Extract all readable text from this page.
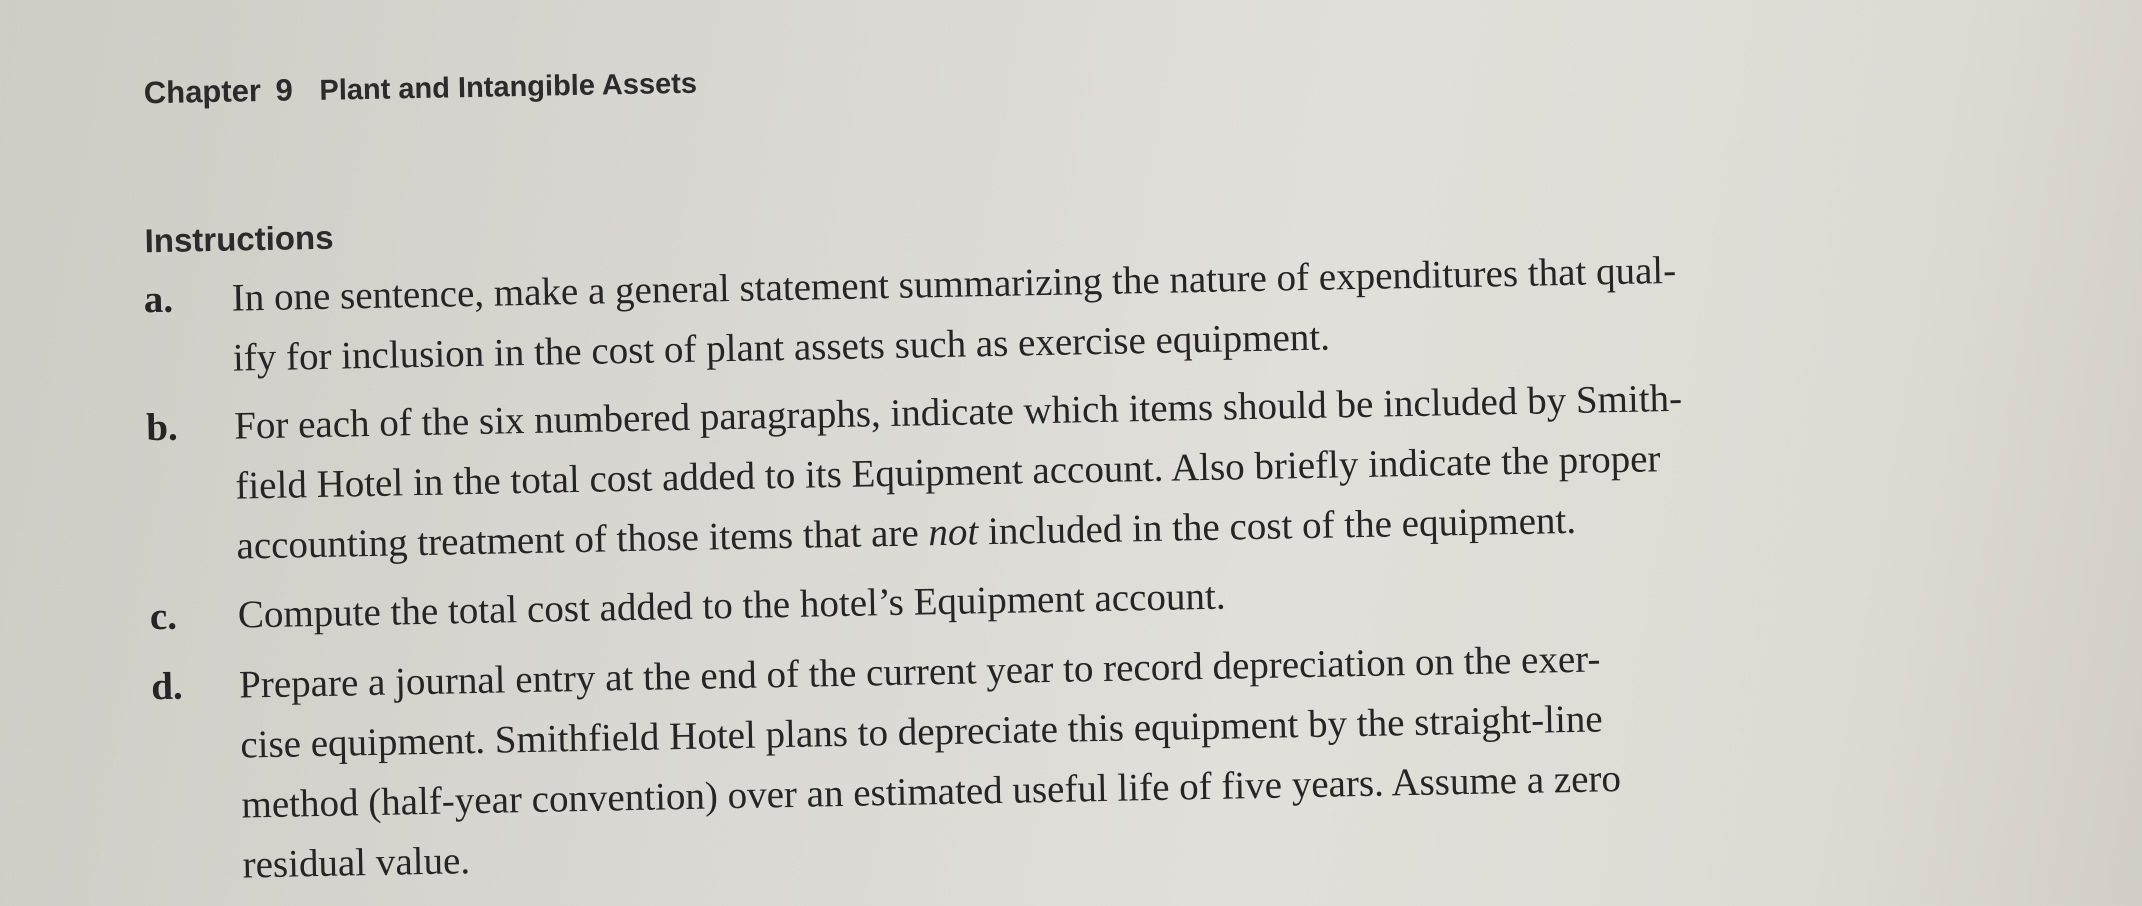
Chapter 9 Plant and Intangible Assets
Instructions
a. In one sentence, make a general statement summarizing the nature of expenditures that qual-
ify for inclusion in the cost of plant assets such as exercise equipment.
b. For each of the six numbered paragraphs, indicate which items should be included by Smith-
field Hotel in the total cost added to its Equipment account. Also briefly indicate the proper
accounting treatment of those items that are not included in the cost of the equipment.
c. Compute the total cost added to the hotel’s Equipment account.
d. Prepare a journal entry at the end of the current year to record depreciation on the exer-
cise equipment. Smithfield Hotel plans to depreciate this equipment by the straight-line
method (half-year convention) over an estimated useful life of five years. Assume a zero
residual value.
